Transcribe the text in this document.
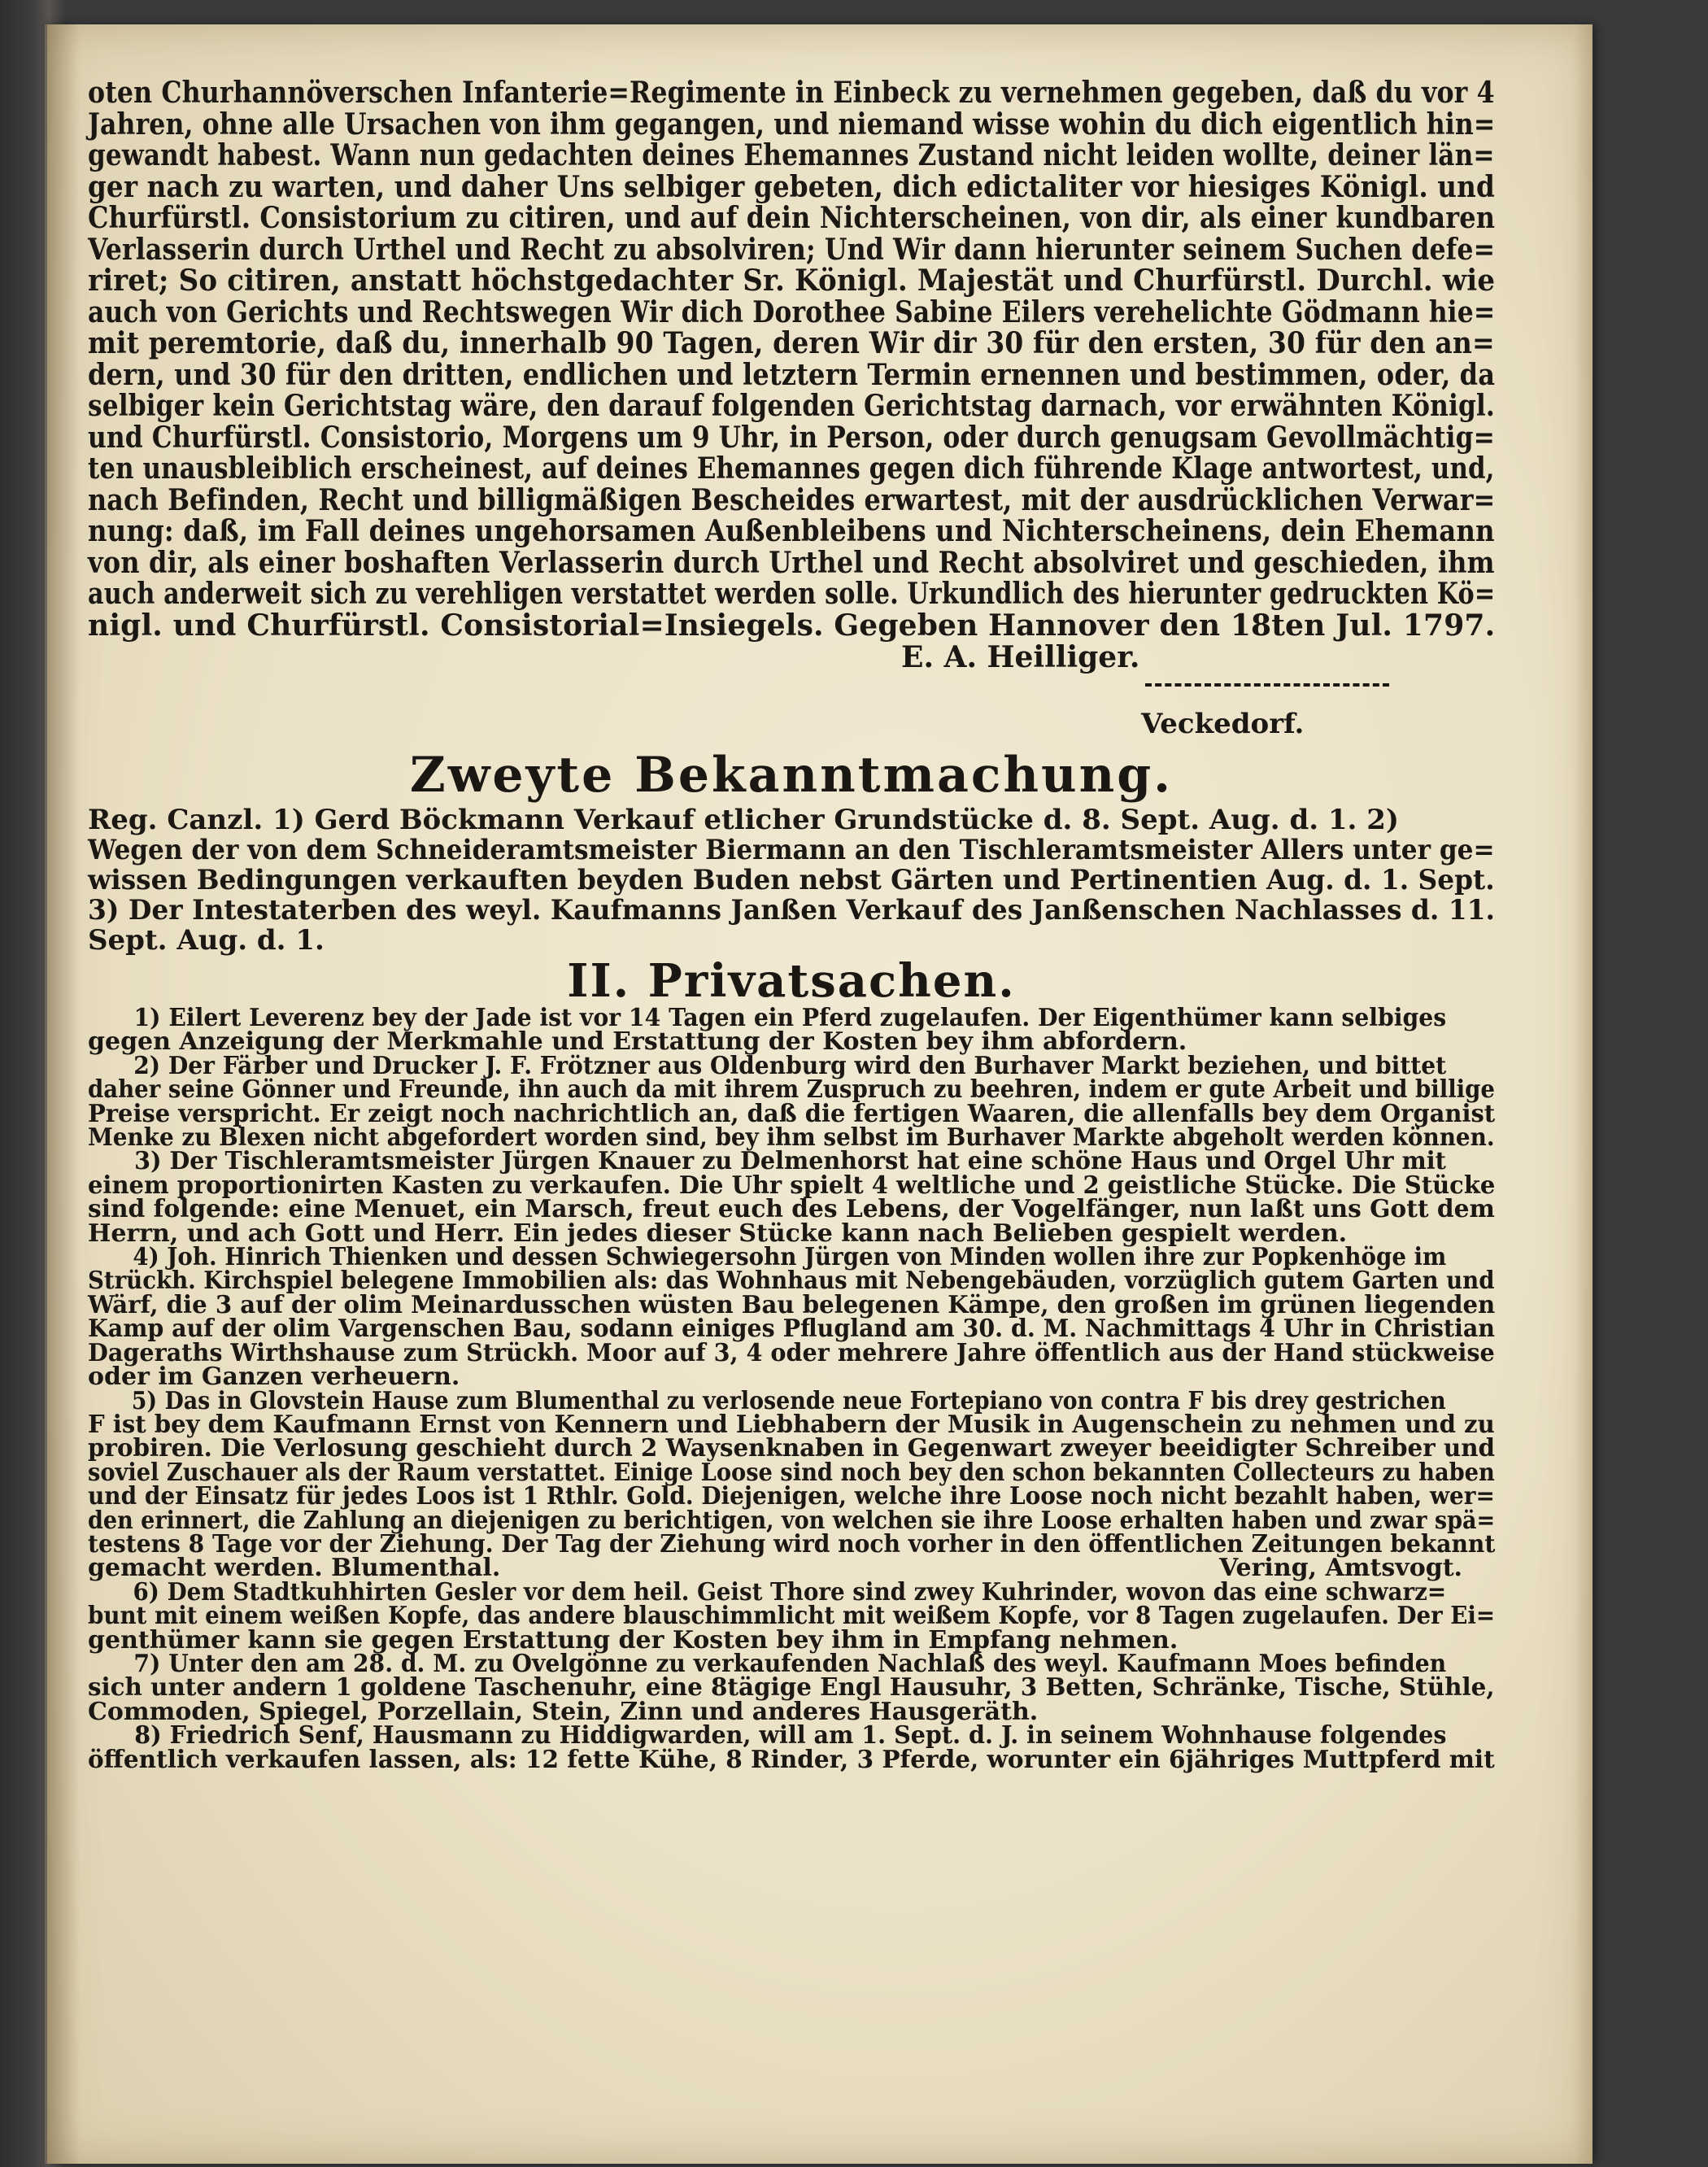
oten Churhannöverschen Infanterie=Regimente in Einbeck zu vernehmen gegeben, daß du vor 4
Jahren, ohne alle Ursachen von ihm gegangen, und niemand wisse wohin du dich eigentlich hin=
gewandt habest. Wann nun gedachten deines Ehemannes Zustand nicht leiden wollte, deiner län=
ger nach zu warten, und daher Uns selbiger gebeten, dich edictaliter vor hiesiges Königl. und
Churfürstl. Consistorium zu citiren, und auf dein Nichterscheinen, von dir, als einer kundbaren
Verlasserin durch Urthel und Recht zu absolviren; Und Wir dann hierunter seinem Suchen defe=
riret; So citiren, anstatt höchstgedachter Sr. Königl. Majestät und Churfürstl. Durchl. wie
auch von Gerichts und Rechtswegen Wir dich Dorothee Sabine Eilers verehelichte Gödmann hie=
mit peremtorie, daß du, innerhalb 90 Tagen, deren Wir dir 30 für den ersten, 30 für den an=
dern, und 30 für den dritten, endlichen und letztern Termin ernennen und bestimmen, oder, da
selbiger kein Gerichtstag wäre, den darauf folgenden Gerichtstag darnach, vor erwähnten Königl.
und Churfürstl. Consistorio, Morgens um 9 Uhr, in Person, oder durch genugsam Gevollmächtig=
ten unausbleiblich erscheinest, auf deines Ehemannes gegen dich führende Klage antwortest, und,
nach Befinden, Recht und billigmäßigen Bescheides erwartest, mit der ausdrücklichen Verwar=
nung: daß, im Fall deines ungehorsamen Außenbleibens und Nichterscheinens, dein Ehemann
von dir, als einer boshaften Verlasserin durch Urthel und Recht absolviret und geschieden, ihm
auch anderweit sich zu verehligen verstattet werden solle. Urkundlich des hierunter gedruckten Kö=
nigl. und Churfürstl. Consistorial=Insiegels. Gegeben Hannover den 18ten Jul. 1797.
E. A. Heilliger.
Veckedorf.
Zweyte Bekanntmachung.
Reg. Canzl. 1) Gerd Böckmann Verkauf etlicher Grundstücke d. 8. Sept. Aug. d. 1. 2)
Wegen der von dem Schneideramtsmeister Biermann an den Tischleramtsmeister Allers unter ge=
wissen Bedingungen verkauften beyden Buden nebst Gärten und Pertinentien Aug. d. 1. Sept.
3) Der Intestaterben des weyl. Kaufmanns Janßen Verkauf des Janßenschen Nachlasses d. 11.
Sept. Aug. d. 1.
II. Privatsachen.
1) Eilert Leverenz bey der Jade ist vor 14 Tagen ein Pferd zugelaufen. Der Eigenthümer kann selbiges
gegen Anzeigung der Merkmahle und Erstattung der Kosten bey ihm abfordern.
2) Der Färber und Drucker J. F. Frötzner aus Oldenburg wird den Burhaver Markt beziehen, und bittet
daher seine Gönner und Freunde, ihn auch da mit ihrem Zuspruch zu beehren, indem er gute Arbeit und billige
Preise verspricht. Er zeigt noch nachrichtlich an, daß die fertigen Waaren, die allenfalls bey dem Organist
Menke zu Blexen nicht abgefordert worden sind, bey ihm selbst im Burhaver Markte abgeholt werden können.
3) Der Tischleramtsmeister Jürgen Knauer zu Delmenhorst hat eine schöne Haus und Orgel Uhr mit
einem proportionirten Kasten zu verkaufen. Die Uhr spielt 4 weltliche und 2 geistliche Stücke. Die Stücke
sind folgende: eine Menuet, ein Marsch, freut euch des Lebens, der Vogelfänger, nun laßt uns Gott dem
Herrn, und ach Gott und Herr. Ein jedes dieser Stücke kann nach Belieben gespielt werden.
4) Joh. Hinrich Thienken und dessen Schwiegersohn Jürgen von Minden wollen ihre zur Popkenhöge im
Strückh. Kirchspiel belegene Immobilien als: das Wohnhaus mit Nebengebäuden, vorzüglich gutem Garten und
Wärf, die 3 auf der olim Meinardusschen wüsten Bau belegenen Kämpe, den großen im grünen liegenden
Kamp auf der olim Vargenschen Bau, sodann einiges Pflugland am 30. d. M. Nachmittags 4 Uhr in Christian
Dageraths Wirthshause zum Strückh. Moor auf 3, 4 oder mehrere Jahre öffentlich aus der Hand stückweise
oder im Ganzen verheuern.
5) Das in Glovstein Hause zum Blumenthal zu verlosende neue Fortepiano von contra F bis drey gestrichen
F ist bey dem Kaufmann Ernst von Kennern und Liebhabern der Musik in Augenschein zu nehmen und zu
probiren. Die Verlosung geschieht durch 2 Waysenknaben in Gegenwart zweyer beeidigter Schreiber und
soviel Zuschauer als der Raum verstattet. Einige Loose sind noch bey den schon bekannten Collecteurs zu haben
und der Einsatz für jedes Loos ist 1 Rthlr. Gold. Diejenigen, welche ihre Loose noch nicht bezahlt haben, wer=
den erinnert, die Zahlung an diejenigen zu berichtigen, von welchen sie ihre Loose erhalten haben und zwar spä=
testens 8 Tage vor der Ziehung. Der Tag der Ziehung wird noch vorher in den öffentlichen Zeitungen bekannt
gemacht werden. Blumenthal.	Vering, Amtsvogt.
6) Dem Stadtkuhhirten Gesler vor dem heil. Geist Thore sind zwey Kuhrinder, wovon das eine schwarz=
bunt mit einem weißen Kopfe, das andere blauschimmlicht mit weißem Kopfe, vor 8 Tagen zugelaufen. Der Ei=
genthümer kann sie gegen Erstattung der Kosten bey ihm in Empfang nehmen.
7) Unter den am 28. d. M. zu Ovelgönne zu verkaufenden Nachlaß des weyl. Kaufmann Moes befinden
sich unter andern 1 goldene Taschenuhr, eine 8tägige Engl Hausuhr, 3 Betten, Schränke, Tische, Stühle,
Commoden, Spiegel, Porzellain, Stein, Zinn und anderes Hausgeräth.
8) Friedrich Senf, Hausmann zu Hiddigwarden, will am 1. Sept. d. J. in seinem Wohnhause folgendes
öffentlich verkaufen lassen, als: 12 fette Kühe, 8 Rinder, 3 Pferde, worunter ein 6jähriges Muttpferd mit
